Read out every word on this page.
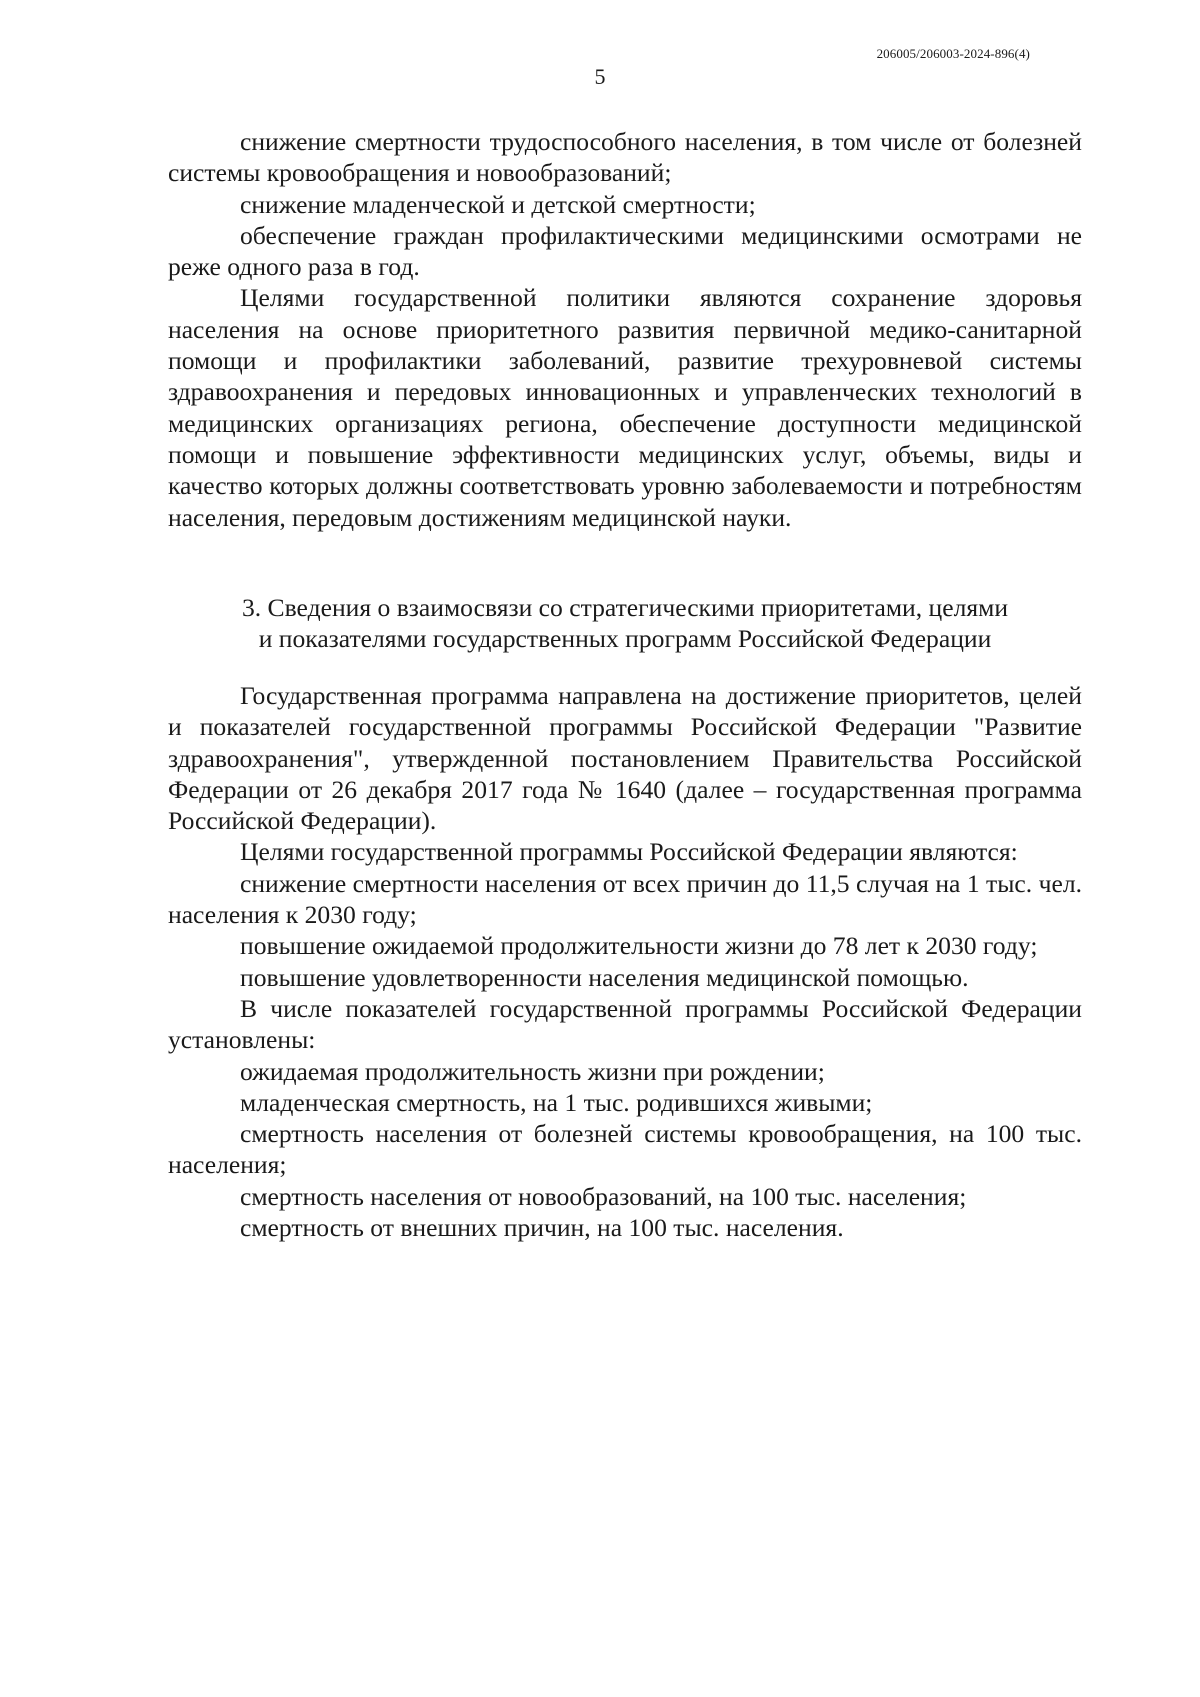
206005/206003-2024-896(4)
5

снижение смертности трудоспособного населения, в том числе от болезней системы кровообращения и новообразований;

снижение младенческой и детской смертности;

обеспечение граждан профилактическими медицинскими осмотрами не реже одного раза в год.

Целями государственной политики являются сохранение здоровья населения на основе приоритетного развития первичной медико-санитарной помощи и профилактики заболеваний, развитие трехуровневой системы здравоохранения и передовых инновационных и управленческих технологий в медицинских организациях региона, обеспечение доступности медицинской помощи и повышение эффективности медицинских услуг, объемы, виды и качество которых должны соответствовать уровню заболеваемости и потребностям населения, передовым достижениям медицинской науки.

3. Сведения о взаимосвязи со стратегическими приоритетами, целями
и показателями государственных программ Российской Федерации

Государственная программа направлена на достижение приоритетов, целей и показателей государственной программы Российской Федерации "Развитие здравоохранения", утвержденной постановлением Правительства Российской Федерации от 26 декабря 2017 года № 1640 (далее – государственная программа Российской Федерации).

Целями государственной программы Российской Федерации являются:

снижение смертности населения от всех причин до 11,5 случая на 1 тыс. чел. населения к 2030 году;

повышение ожидаемой продолжительности жизни до 78 лет к 2030 году;

повышение удовлетворенности населения медицинской помощью.

В числе показателей государственной программы Российской Федерации установлены:

ожидаемая продолжительность жизни при рождении;

младенческая смертность, на 1 тыс. родившихся живыми;

смертность населения от болезней системы кровообращения, на 100 тыс. населения;

смертность населения от новообразований, на 100 тыс. населения;

смертность от внешних причин, на 100 тыс. населения.
